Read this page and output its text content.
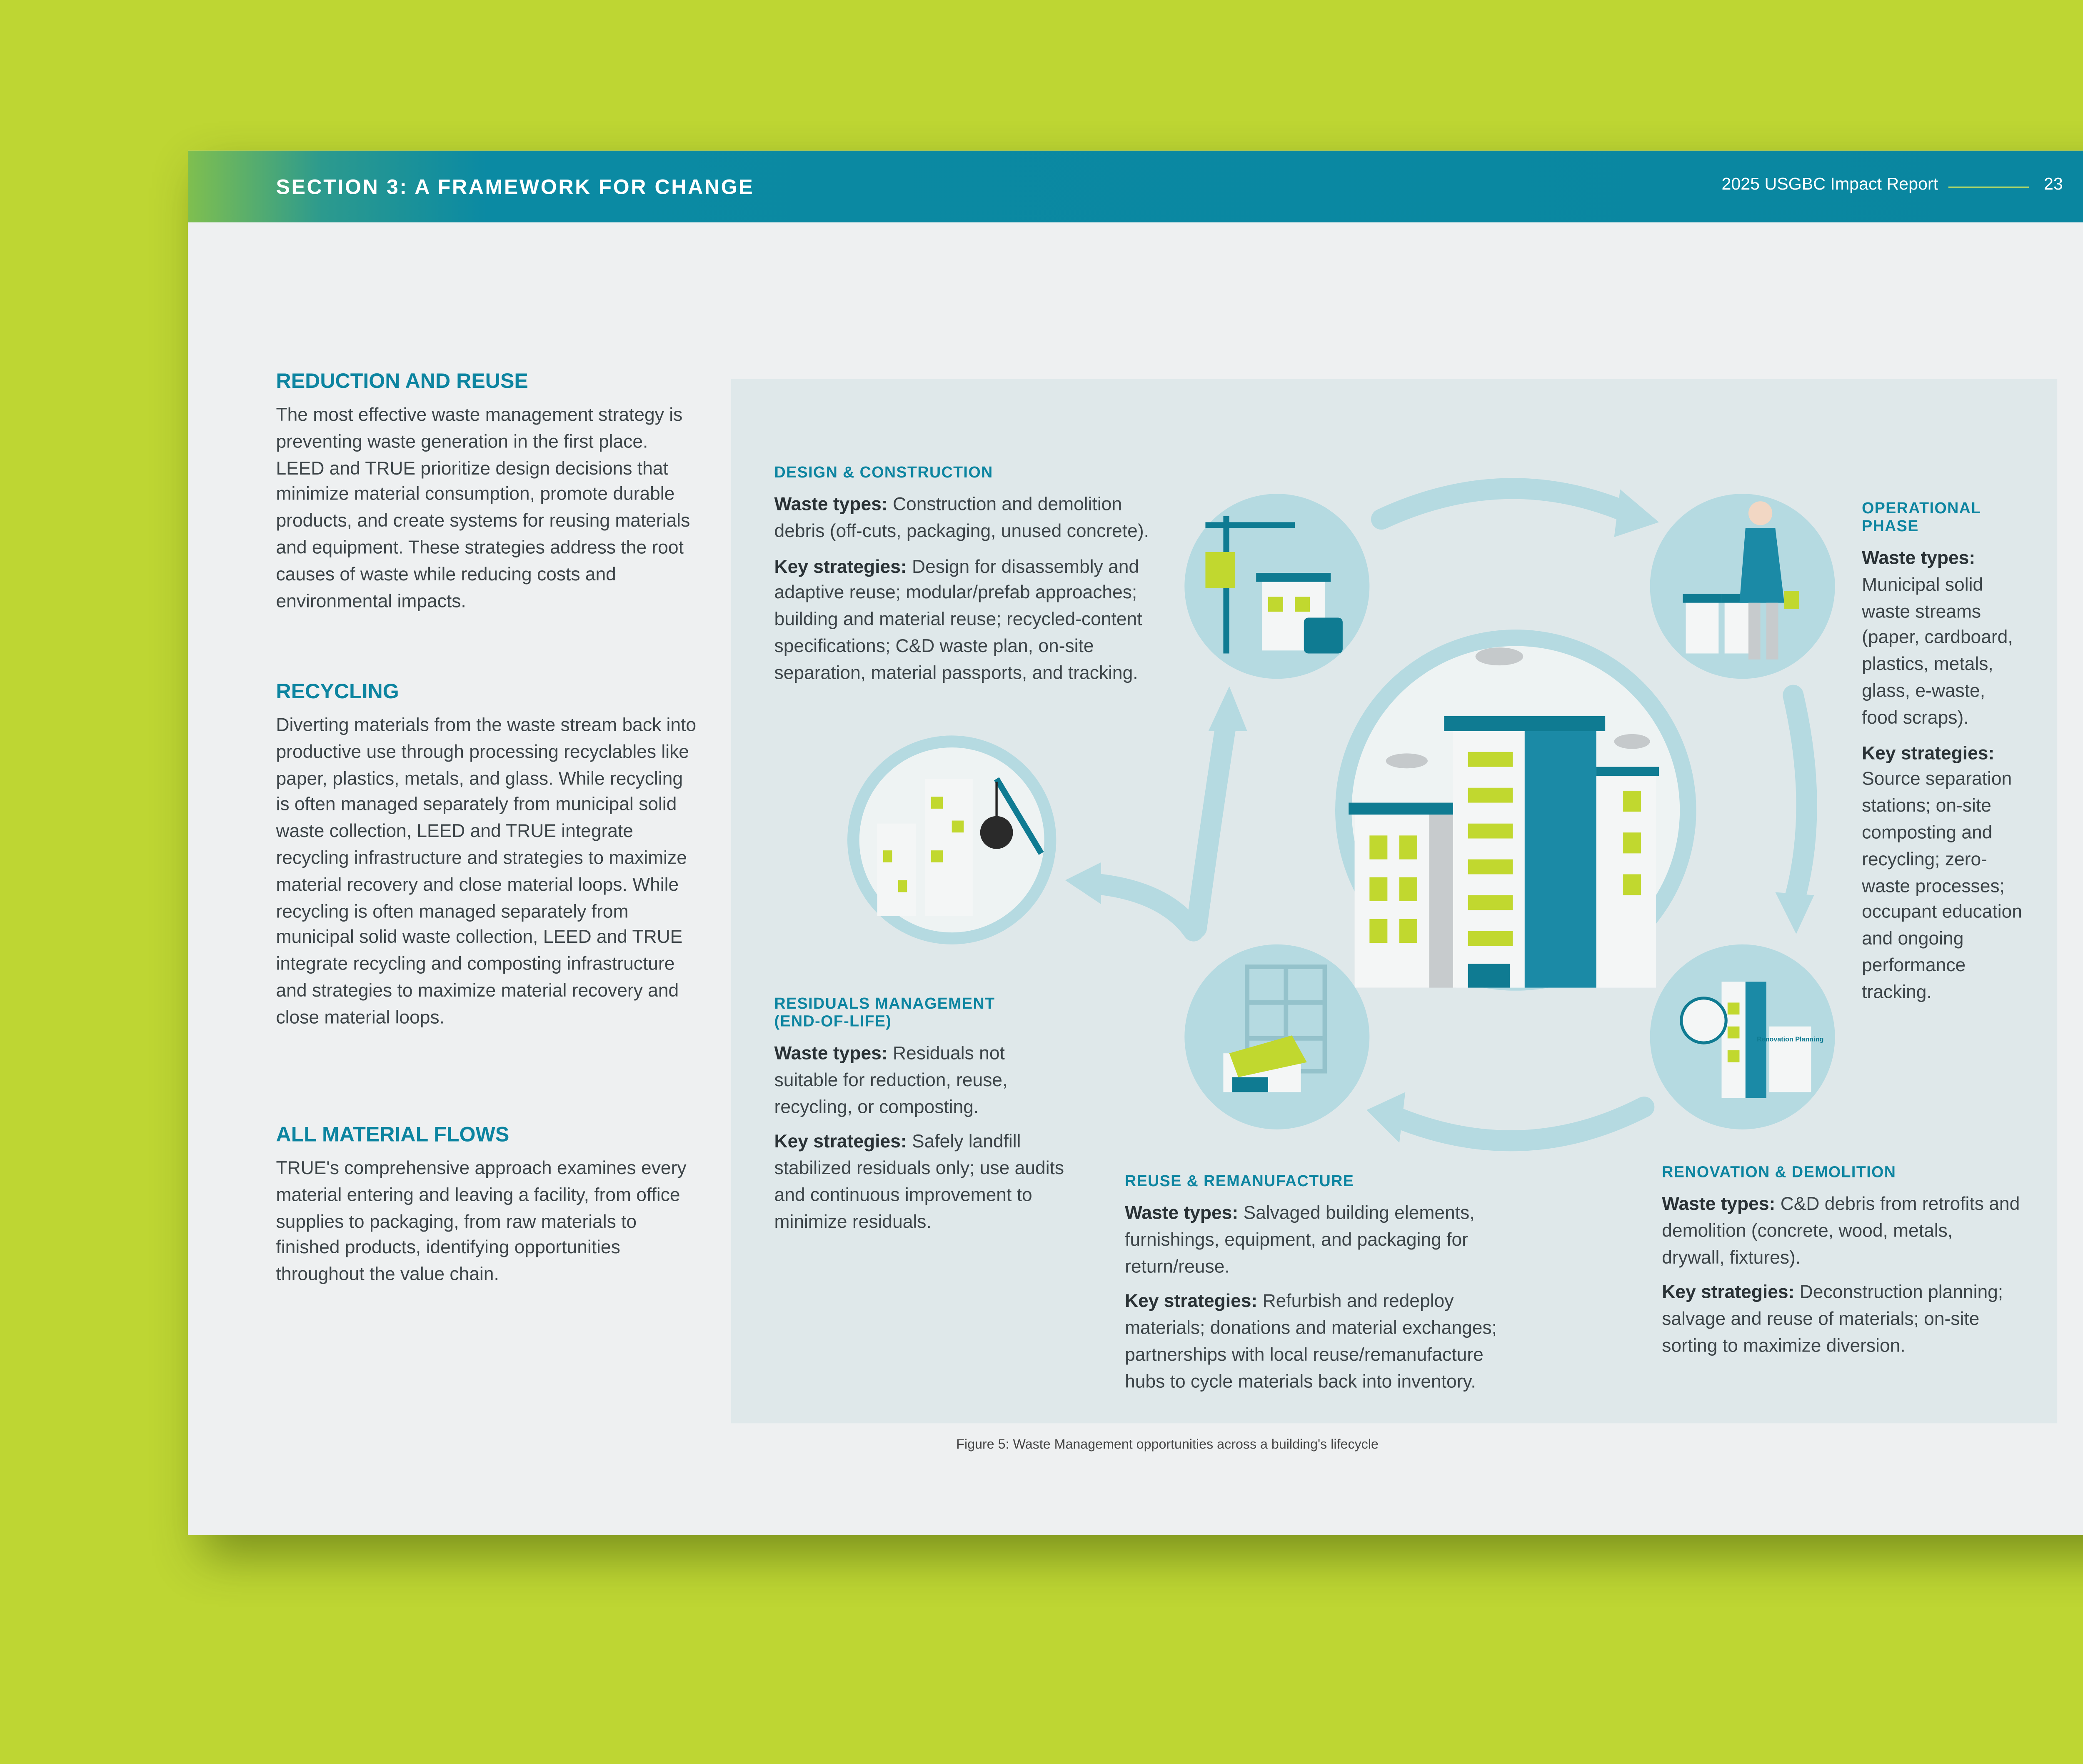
SECTION 3: A FRAMEWORK FOR CHANGE	2025 USGBC Impact Report	23
REDUCTION AND REUSE
The most effective waste management strategy is preventing waste generation in the first place. LEED and TRUE prioritize design decisions that minimize material consumption, promote durable products, and create systems for reusing materials and equipment. These strategies address the root causes of waste while reducing costs and environmental impacts.
RECYCLING
Diverting materials from the waste stream back into productive use through processing recyclables like paper, plastics, metals, and glass. While recycling is often managed separately from municipal solid waste collection, LEED and TRUE integrate recycling infrastructure and strategies to maximize material recovery and close material loops. While recycling is often managed separately from municipal solid waste collection, LEED and TRUE integrate recycling and composting infrastructure and strategies to maximize material recovery and close material loops.
ALL MATERIAL FLOWS
TRUE's comprehensive approach examines every material entering and leaving a facility, from office supplies to packaging, from raw materials to finished products, identifying opportunities throughout the value chain.
Renovation Planning
DESIGN & CONSTRUCTION

Waste types: Construction and demolition debris (off-cuts, packaging, unused concrete).

Key strategies: Design for disassembly and adaptive reuse; modular/prefab approaches; building and material reuse; recycled-content specifications; C&D waste plan, on-site separation, material passports, and tracking.

OPERATIONAL PHASE

Waste types: Municipal solid waste streams (paper, cardboard, plastics, metals, glass, e-waste, food scraps).

Key strategies: Source separation stations; on-site composting and recycling; zero-waste processes; occupant education and ongoing performance tracking.

RESIDUALS MANAGEMENT (END-OF-LIFE)

Waste types: Residuals not suitable for reduction, reuse, recycling, or composting.

Key strategies: Safely landfill stabilized residuals only; use audits and continuous improvement to minimize residuals.

REUSE & REMANUFACTURE

Waste types: Salvaged building elements, furnishings, equipment, and packaging for return/reuse.

Key strategies: Refurbish and redeploy materials; donations and material exchanges; partnerships with local reuse/remanufacture hubs to cycle materials back into inventory.

RENOVATION & DEMOLITION

Waste types: C&D debris from retrofits and demolition (concrete, wood, metals, drywall, fixtures).

Key strategies: Deconstruction planning; salvage and reuse of materials; on-site sorting to maximize diversion.

Figure 5: Waste Management opportunities across a building's lifecycle
